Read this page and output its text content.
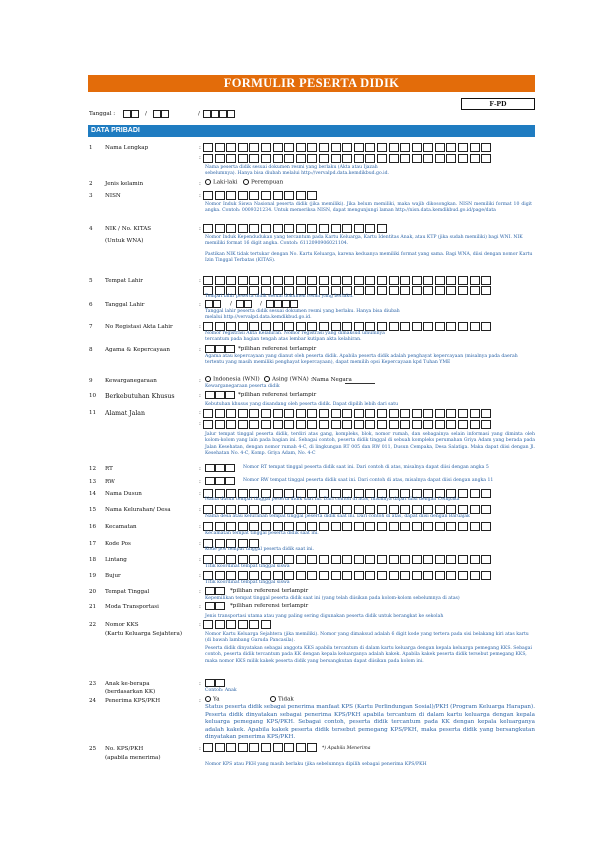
FORMULIR PESERTA DIDIK
F-PD
Tanggal :	/	/
DATA PRIBADI
1 Nama Lengkap	:
:
Nama peserta didik sesuai dokumen resmi yang berlaku (Akta atau Ijazah sebelumnya). Hanya bisa diubah melalui http://vervalpd.data.kemdikbud.go.id.
2 Jenis kelamin	:	Laki-laki	Perempuan
3 NISN	:
Nomor Induk Siswa Nasional peserta didik (jika memiliki). Jika belum memiliki, maka wajib dikosongkan. NISN memiliki format 10 digit angka. Contoh: 0009321234. Untuk memeriksa NISN, dapat mengunjungi laman http://nisn.data.kemdikbud.go.id/page/data
4 NIK / No. KITAS
(Untuk WNA)
:
Nomor Induk Kependudukan yang tercantum pada Kartu Keluarga, Kartu Identitas Anak, atau KTP (jika sudah memiliki) bagi WNI. NIK memiliki format 16 digit angka. Contoh: 6112090906021104.
Pastikan NIK tidak tertukar dengan No. Kartu Keluarga, karena keduanya memiliki format yang sama. Bagi WNA, diisi dengan nomor Kartu Izin Tinggal Terbatas (KITAS).
5 Tempat Lahir	:
Tempat lahir peserta didik sesuai dokumen resmi yang berlaku.
6 Tanggal Lahir	:	/	/
Tanggal lahir peserta didik sesuai dokumen resmi yang berlaku. Hanya bisa diubah melalui http://vervalpd.data.kemdikbud.go.id.
7 No Registasi Akta Lahir	:
Nomor registrasi Akta Kelahiran. Nomor registrasi yang dimaksud umumnya tercantum pada bagian tengah atas lembar kutipan akta kelahiran.
8 Agama & Kepercayaan	:	*pilihan referensi terlampir
Agama atau kepercayaan yang dianut oleh peserta didik. Apabila peserta didik adalah penghayat kepercayaan (misalnya pada daerah tertentu yang masih memiliki penghayat kepercayaan), dapat memilih opsi Kepercayaan kpd Tuhan YME
9 Kewarganegaraan	:	Indonesia (WNI)	Asing (WNA) : Nama Negara
Kewarganegaraan peserta didik
10 Berkebutuhan Khusus	:	*pilihan referensi terlampir
Kebutuhan khusus yang disandang oleh peserta didik. Dapat dipilih lebih dari satu
11 Alamat Jalan	:
:
Jalur tempat tinggal peserta didik, terdiri atas gang, kompleks, blok, nomor rumah, dan sebagainya selain informasi yang diminta oleh kolom-kolom yang lain pada bagian ini. Sebagai contoh, peserta didik tinggal di sebuah kompleks perumahan Griya Adam yang berada pada Jalan Kesehatan, dengan nomor rumah 4-C, di lingkungan RT 005 dan RW 011, Dusun Cempaka, Desa Salatiga. Maka dapat diisi dengan Jl. Kesehatan No. 4-C, Komp. Griya Adam, No. 4-C
12 RT	:	Nomor RT tempat tinggal peserta didik saat ini. Dari contoh di atas, misalnya dapat diisi dengan angka 5
13 RW	:	Nomor RW tempat tinggal peserta didik saat ini. Dari contoh di atas, misalnya dapat diisi dengan angka 11
14 Nama Dusun	:
Nama dusun tempat tinggal peserta didik saat ini. Dari contoh di atas, misalnya dapat diisi dengan Cempaka
15 Nama Kelurahan/ Desa	:
Nama desa atau kelurahan tempat tinggal peserta didik saat ini. Dari contoh di atas, dapat diisi dengan Baruajak
16 Kecamatan	:
Kecamatan tempat tinggal peserta didik saat ini.
17 Kode Pos	:
Kode pos tempat tinggal peserta didik saat ini.
18 Lintang	:
Titik koordinat tempat tinggal siswa
19 Bujur	:
Titik koordinat tempat tinggal siswa
20 Tempat Tinggal	:	*pilihan referensi terlampir
Kepemilikan tempat tinggal peserta didik saat ini (yang telah diisikan pada kolom-kolom sebelumnya di atas)
21 Moda Transportasi	:	*pilihan referensi terlampir
Jenis transportasi utama atau yang paling sering digunakan peserta didik untuk berangkat ke sekolah
22 Nomor KKS
(Kartu Keluarga Sejahtera)
:
Nomor Kartu Keluarga Sejahtera (jika memiliki). Nomor yang dimaksud adalah 6 digit kode yang tertera pada sisi belakang kiri atas kartu (di bawah lambang Garuda Pancasila).
Peserta didik dinyatakan sebagai anggota KKS apabila tercantum di dalam kartu keluarga dengan kepala keluarga pemegang KKS. Sebagai contoh, peserta didik tercantum pada KK dengan kepala keluarganya adalah kakek. Apabila kakek peserta didik tersebut pemegang KKS, maka nomor KKS milik kakek peserta didik yang bersangkutan dapat diisikan pada kolom ini.
23 Anak ke-berapa
(berdasarkan KK)
:
Contoh: Anak
24 Penerima KPS/PKH	:	Ya	Tidak
Status peserta didik sebagai penerima manfaat KPS (Kartu Perlindungan Sosial)/PKH (Program Keluarga Harapan). Peserta didik dinyatakan sebagai penerima KPS/PKH apabila tercantum di dalam kartu keluarga dengan kepala keluarga pemegang KPS/PKH. Sebagai contoh, peserta didik tercantum pada KK dengan kepala keluarganya adalah kakek. Apabila kakek peserta didik tersebut pemegang KPS/PKH, maka peserta didik yang bersangkutan dinyatakan penerima KPS/PKH.
25 No. KPS/PKH
(apabila menerima)
:	*) Apabila Menerima
Nomor KPS atau PKH yang masih berlaku (jika sebelumnya dipilih sebagai penerima KPS/PKH
